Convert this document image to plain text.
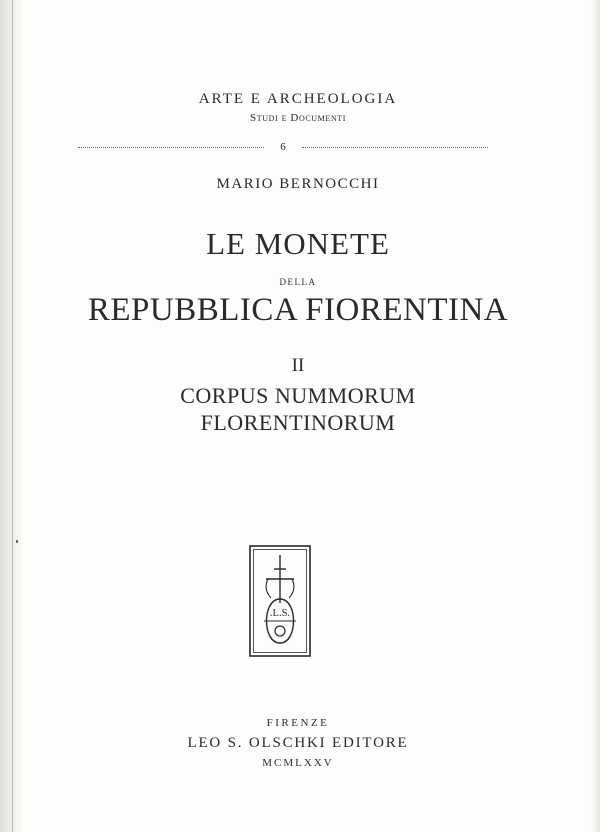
ARTE E ARCHEOLOGIA
Studi e Documenti
6
MARIO BERNOCCHI
LE MONETE
della
REPUBBLICA FIORENTINA
II
CORPUS NUMMORUM
FLORENTINORUM
.L.S.
FIRENZE
LEO S. OLSCHKI EDITORE
MCMLXXV
